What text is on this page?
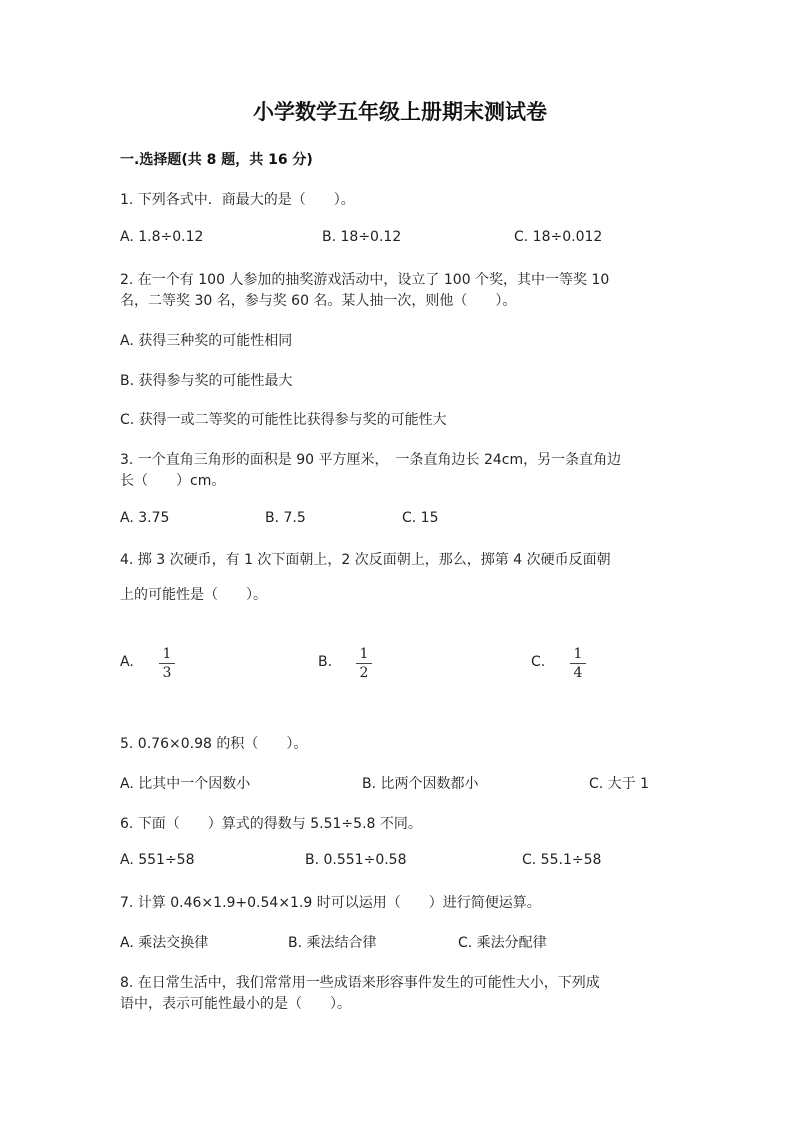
小学数学五年级上册期末测试卷
一.选择题(共 8 题，共 16 分)
1. 下列各式中．商最大的是（　　）。
A. 1.8÷0.12	B. 18÷0.12	C. 18÷0.012
2. 在一个有 100 人参加的抽奖游戏活动中，设立了 100 个奖，其中一等奖 10
名，二等奖 30 名，参与奖 60 名。某人抽一次，则他（　　）。
A. 获得三种奖的可能性相同
B. 获得参与奖的可能性最大
C. 获得一或二等奖的可能性比获得参与奖的可能性大
3. 一个直角三角形的面积是 90 平方厘米，　一条直角边长 24cm，另一条直角边
长（　　）cm。
A. 3.75	B. 7.5	C. 15
4. 掷 3 次硬币，有 1 次下面朝上，2 次反面朝上，那么，掷第 4 次硬币反面朝
上的可能性是（　　）。
A.	1
3
B.	1
2
C.	1
4
5. 0.76×0.98 的积（　　）。
A. 比其中一个因数小	B. 比两个因数都小	C. 大于 1
6. 下面（　　）算式的得数与 5.51÷5.8 不同。
A. 551÷58	B. 0.551÷0.58	C. 55.1÷58
7. 计算 0.46×1.9+0.54×1.9 时可以运用（　　）进行简便运算。
A. 乘法交换律	B. 乘法结合律	C. 乘法分配律
8. 在日常生活中，我们常常用一些成语来形容事件发生的可能性大小，下列成
语中，表示可能性最小的是（　　）。
